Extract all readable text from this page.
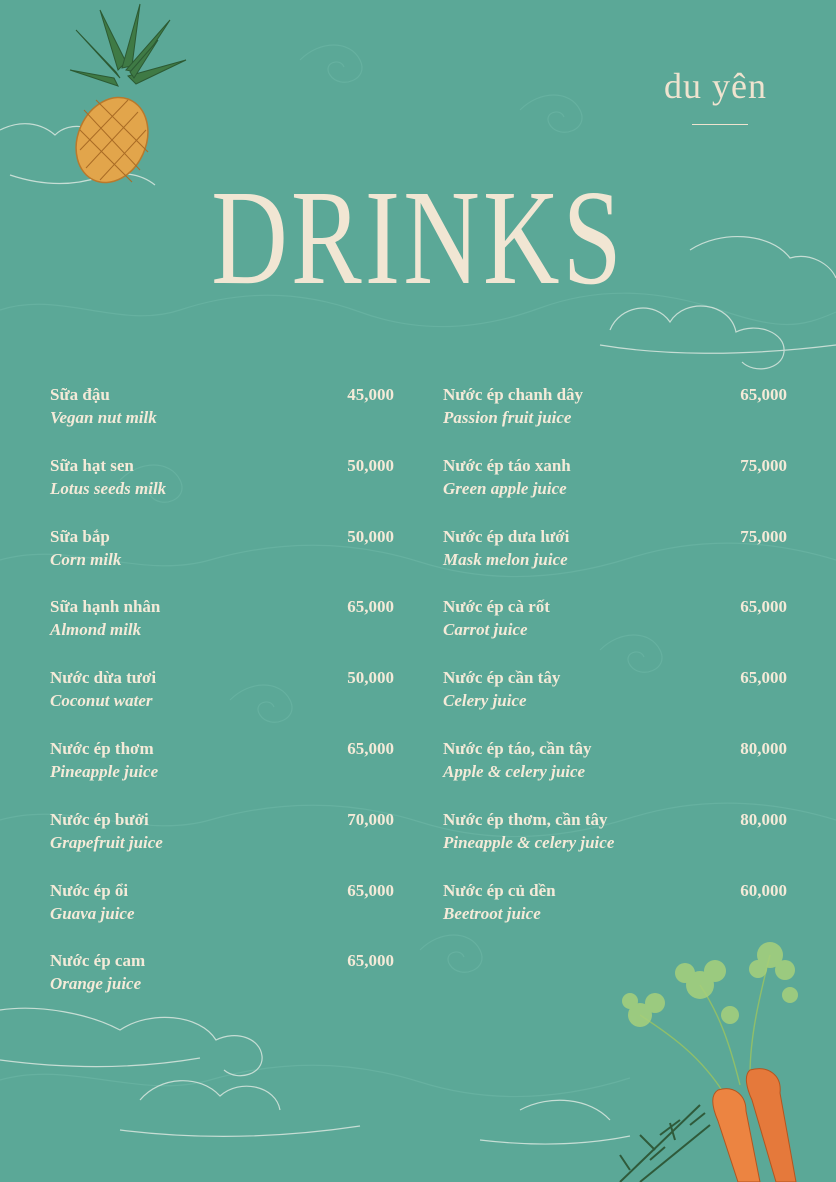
du yên
DRINKS
Sữa đậu
Vegan nut milk
45,000
Sữa hạt sen
Lotus seeds milk
50,000
Sữa bắp
Corn milk
50,000
Sữa hạnh nhân
Almond milk
65,000
Nước dừa tươi
Coconut water
50,000
Nước ép thơm
Pineapple juice
65,000
Nước ép bưởi
Grapefruit juice
70,000
Nước ép ổi
Guava juice
65,000
Nước ép cam
Orange juice
65,000
Nước ép chanh dây
Passion fruit juice
65,000
Nước ép táo xanh
Green apple juice
75,000
Nước ép dưa lưới
Mask melon juice
75,000
Nước ép cà rốt
Carrot juice
65,000
Nước ép cần tây
Celery juice
65,000
Nước ép táo, cần tây
Apple & celery juice
80,000
Nước ép thơm, cần tây
Pineapple & celery juice
80,000
Nước ép củ dền
Beetroot juice
60,000
